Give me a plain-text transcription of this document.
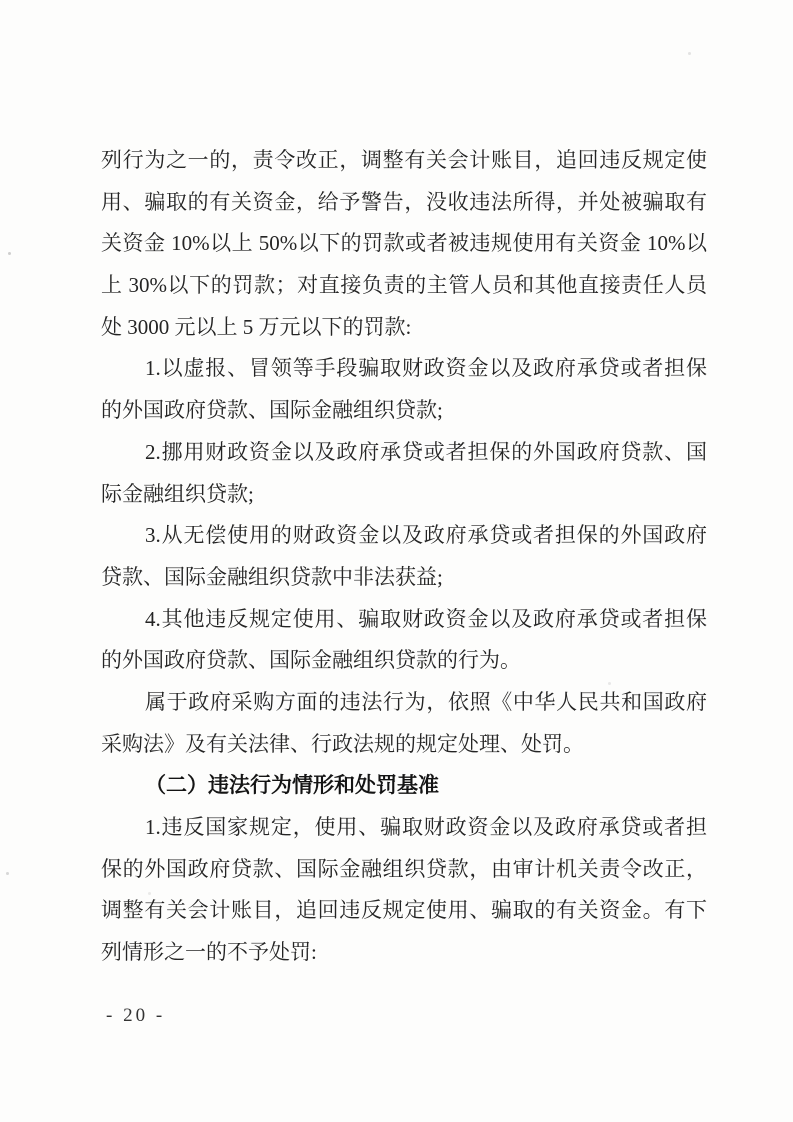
列行为之一的，责令改正，调整有关会计账目，追回违反规定使
用、骗取的有关资金，给予警告，没收违法所得，并处被骗取有
关资金 10%以上 50%以下的罚款或者被违规使用有关资金 10%以
上 30%以下的罚款；对直接负责的主管人员和其他直接责任人员
处 3000 元以上 5 万元以下的罚款:
1.以虚报、冒领等手段骗取财政资金以及政府承贷或者担保
的外国政府贷款、国际金融组织贷款;
2.挪用财政资金以及政府承贷或者担保的外国政府贷款、国
际金融组织贷款;
3.从无偿使用的财政资金以及政府承贷或者担保的外国政府
贷款、国际金融组织贷款中非法获益;
4.其他违反规定使用、骗取财政资金以及政府承贷或者担保
的外国政府贷款、国际金融组织贷款的行为。
属于政府采购方面的违法行为，依照《中华人民共和国政府
采购法》及有关法律、行政法规的规定处理、处罚。
（二）违法行为情形和处罚基准
1.违反国家规定，使用、骗取财政资金以及政府承贷或者担
保的外国政府贷款、国际金融组织贷款，由审计机关责令改正，
调整有关会计账目，追回违反规定使用、骗取的有关资金。有下
列情形之一的不予处罚:
- 20 -
